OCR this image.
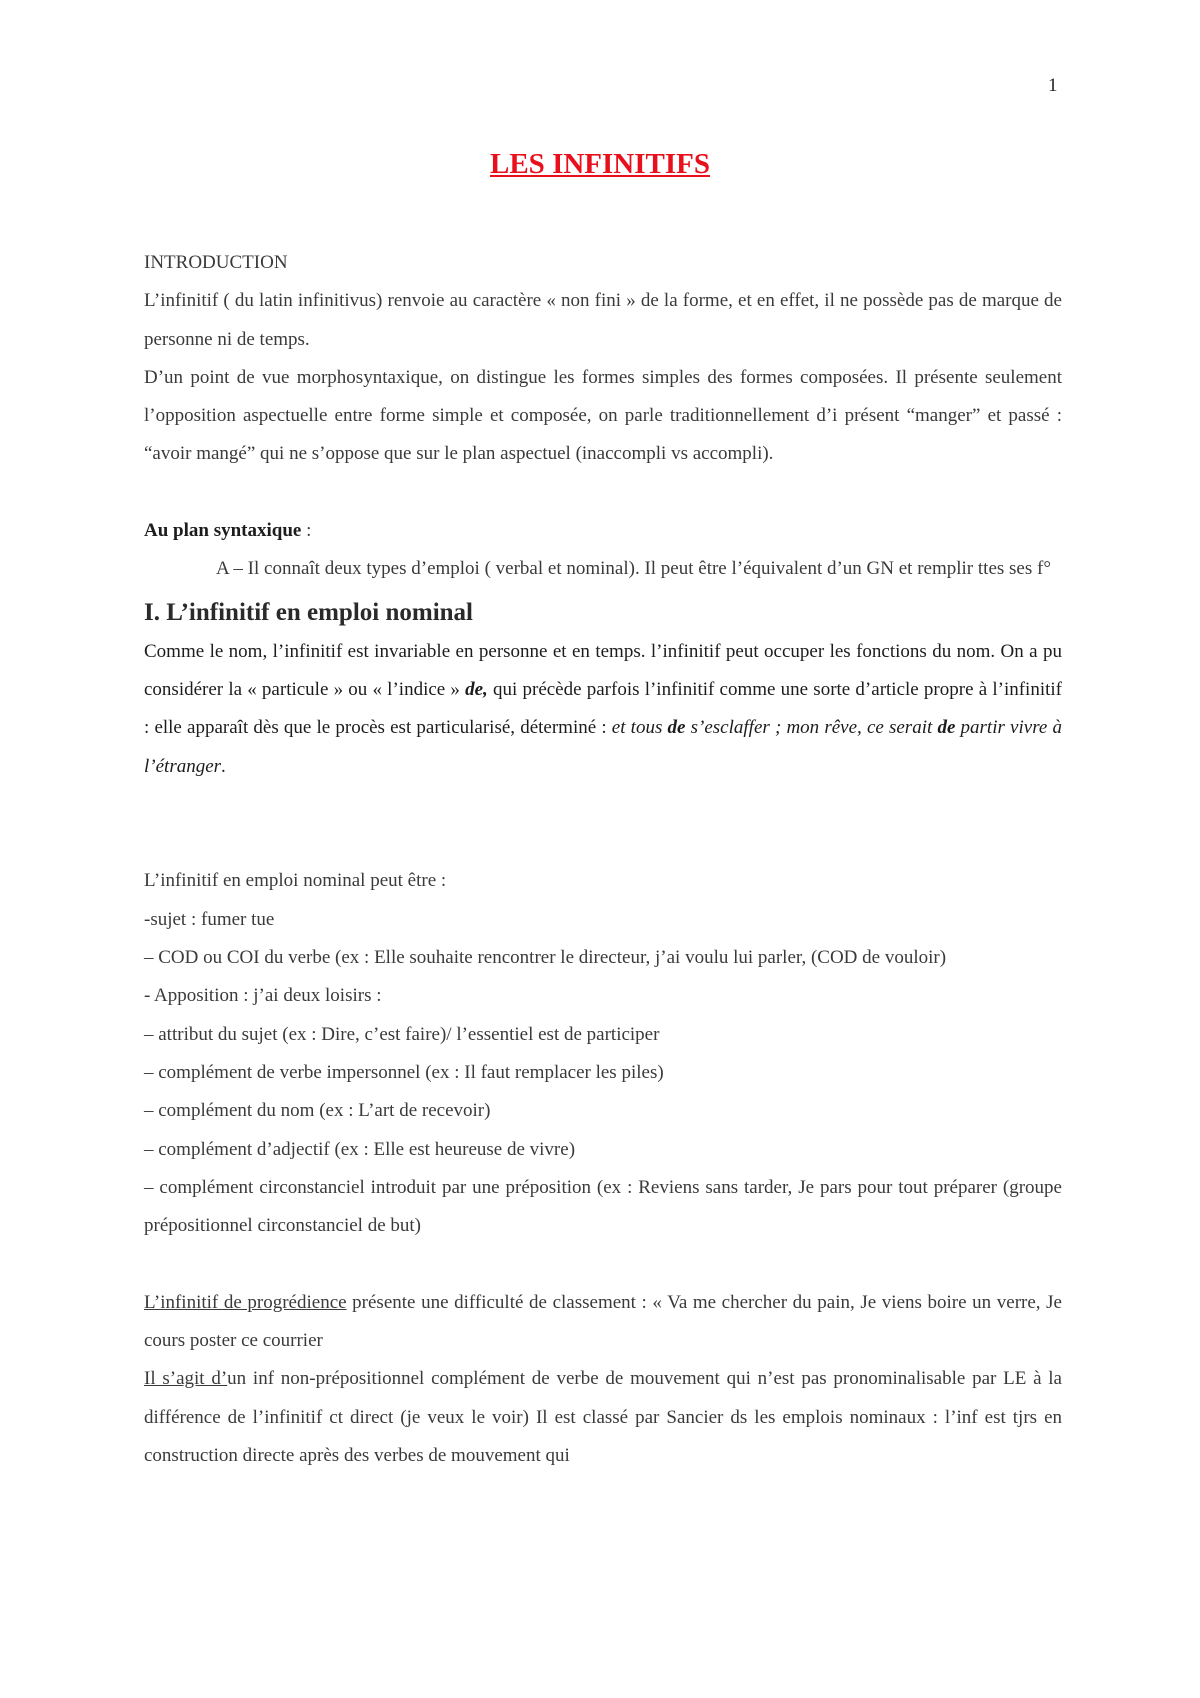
1
LES INFINITIFS

INTRODUCTION

L’infinitif ( du latin infinitivus) renvoie au caractère « non fini » de la forme, et en effet, il ne possède pas de marque de personne ni de temps.

D’un point de vue morphosyntaxique, on distingue les formes simples des formes composées. Il présente seulement l’opposition aspectuelle entre forme simple et composée, on parle traditionnellement d’i présent “manger” et passé : “avoir mangé” qui ne s’oppose que sur le plan aspectuel (inaccompli vs accompli).

Au plan syntaxique :

A – Il connaît deux types d’emploi ( verbal et nominal). Il peut être l’équivalent d’un GN et remplir ttes ses f°

I. L’infinitif en emploi nominal

Comme le nom, l’infinitif est invariable en personne et en temps. l’infinitif peut occuper les fonctions du nom. On a pu considérer la « particule » ou « l’indice » de, qui précède parfois l’infinitif comme une sorte d’article propre à l’infinitif : elle apparaît dès que le procès est particularisé, déterminé : et tous de s’esclaffer ; mon rêve, ce serait de partir vivre à l’étranger.

L’infinitif en emploi nominal peut être :

-sujet : fumer tue

– COD ou COI du verbe (ex : Elle souhaite rencontrer le directeur, j’ai voulu lui parler, (COD de vouloir)

- Apposition : j’ai deux loisirs :

– attribut du sujet (ex : Dire, c’est faire)/ l’essentiel est de participer

– complément de verbe impersonnel (ex : Il faut remplacer les piles)

– complément du nom (ex : L’art de recevoir)

– complément d’adjectif (ex : Elle est heureuse de vivre)

– complément circonstanciel introduit par une préposition (ex : Reviens sans tarder, Je pars pour tout préparer (groupe prépositionnel circonstanciel de but)

L’infinitif de progrédience présente une difficulté de classement : « Va me chercher du pain, Je viens boire un verre, Je cours poster ce courrier

Il s’agit d’un inf non-prépositionnel complément de verbe de mouvement qui n’est pas pronominalisable par LE à la différence de l’infinitif ct direct (je veux le voir) Il est classé par Sancier ds les emplois nominaux : l’inf est tjrs en construction directe après des verbes de mouvement qui
